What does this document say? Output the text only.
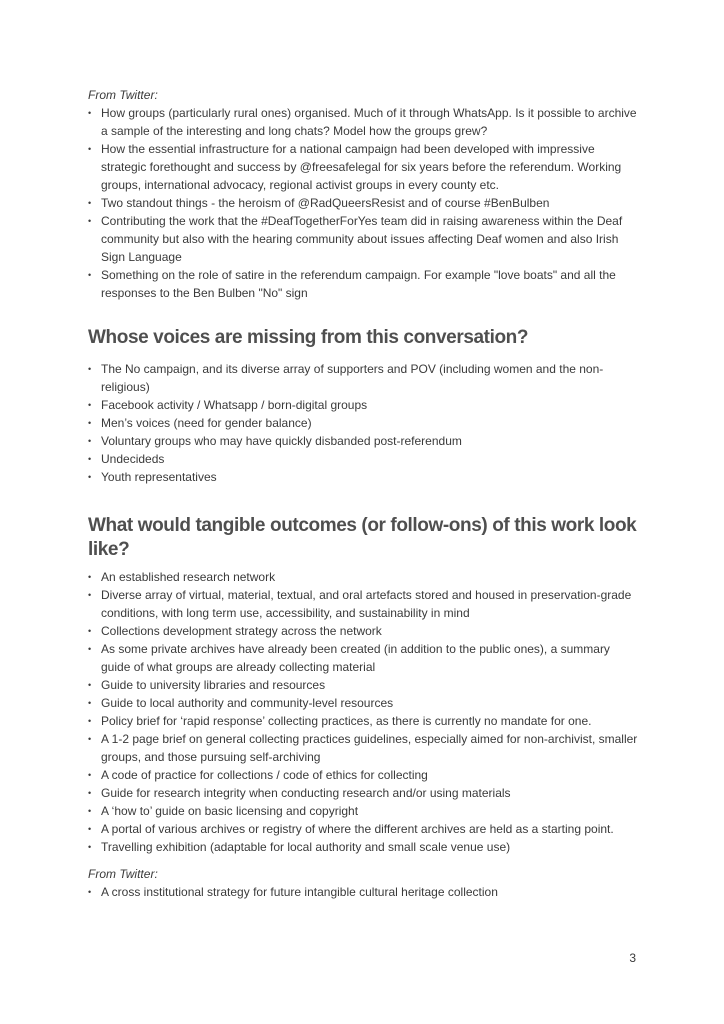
From Twitter:

• How groups (particularly rural ones) organised. Much of it through WhatsApp. Is it possible to archive a sample of the interesting and long chats? Model how the groups grew?
• How the essential infrastructure for a national campaign had been developed with impressive strategic forethought and success by @freesafelegal for six years before the referendum. Working groups, international advocacy, regional activist groups in every county etc.
• Two standout things - the heroism of @RadQueersResist and of course #BenBulben
• Contributing the work that the #DeafTogetherForYes team did in raising awareness within the Deaf community but also with the hearing community about issues affecting Deaf women and also Irish Sign Language
• Something on the role of satire in the referendum campaign. For example "love boats" and all the responses to the Ben Bulben "No" sign
Whose voices are missing from this conversation?
• The No campaign, and its diverse array of supporters and POV (including women and the non-religious)
• Facebook activity / Whatsapp / born-digital groups
• Men’s voices (need for gender balance)
• Voluntary groups who may have quickly disbanded post-referendum
• Undecideds
• Youth representatives
What would tangible outcomes (or follow-ons) of this work look like?
• An established research network
• Diverse array of virtual, material, textual, and oral artefacts stored and housed in preservation-grade conditions, with long term use, accessibility, and sustainability in mind
• Collections development strategy across the network
• As some private archives have already been created (in addition to the public ones), a summary guide of what groups are already collecting material
• Guide to university libraries and resources
• Guide to local authority and community-level resources
• Policy brief for ‘rapid response’ collecting practices, as there is currently no mandate for one.
• A 1-2 page brief on general collecting practices guidelines, especially aimed for non-archivist, smaller groups, and those pursuing self-archiving
• A code of practice for collections / code of ethics for collecting
• Guide for research integrity when conducting research and/or using materials
• A ‘how to’ guide on basic licensing and copyright
• A portal of various archives or registry of where the different archives are held as a starting point.
• Travelling exhibition (adaptable for local authority and small scale venue use)

From Twitter:

• A cross institutional strategy for future intangible cultural heritage collection
3
